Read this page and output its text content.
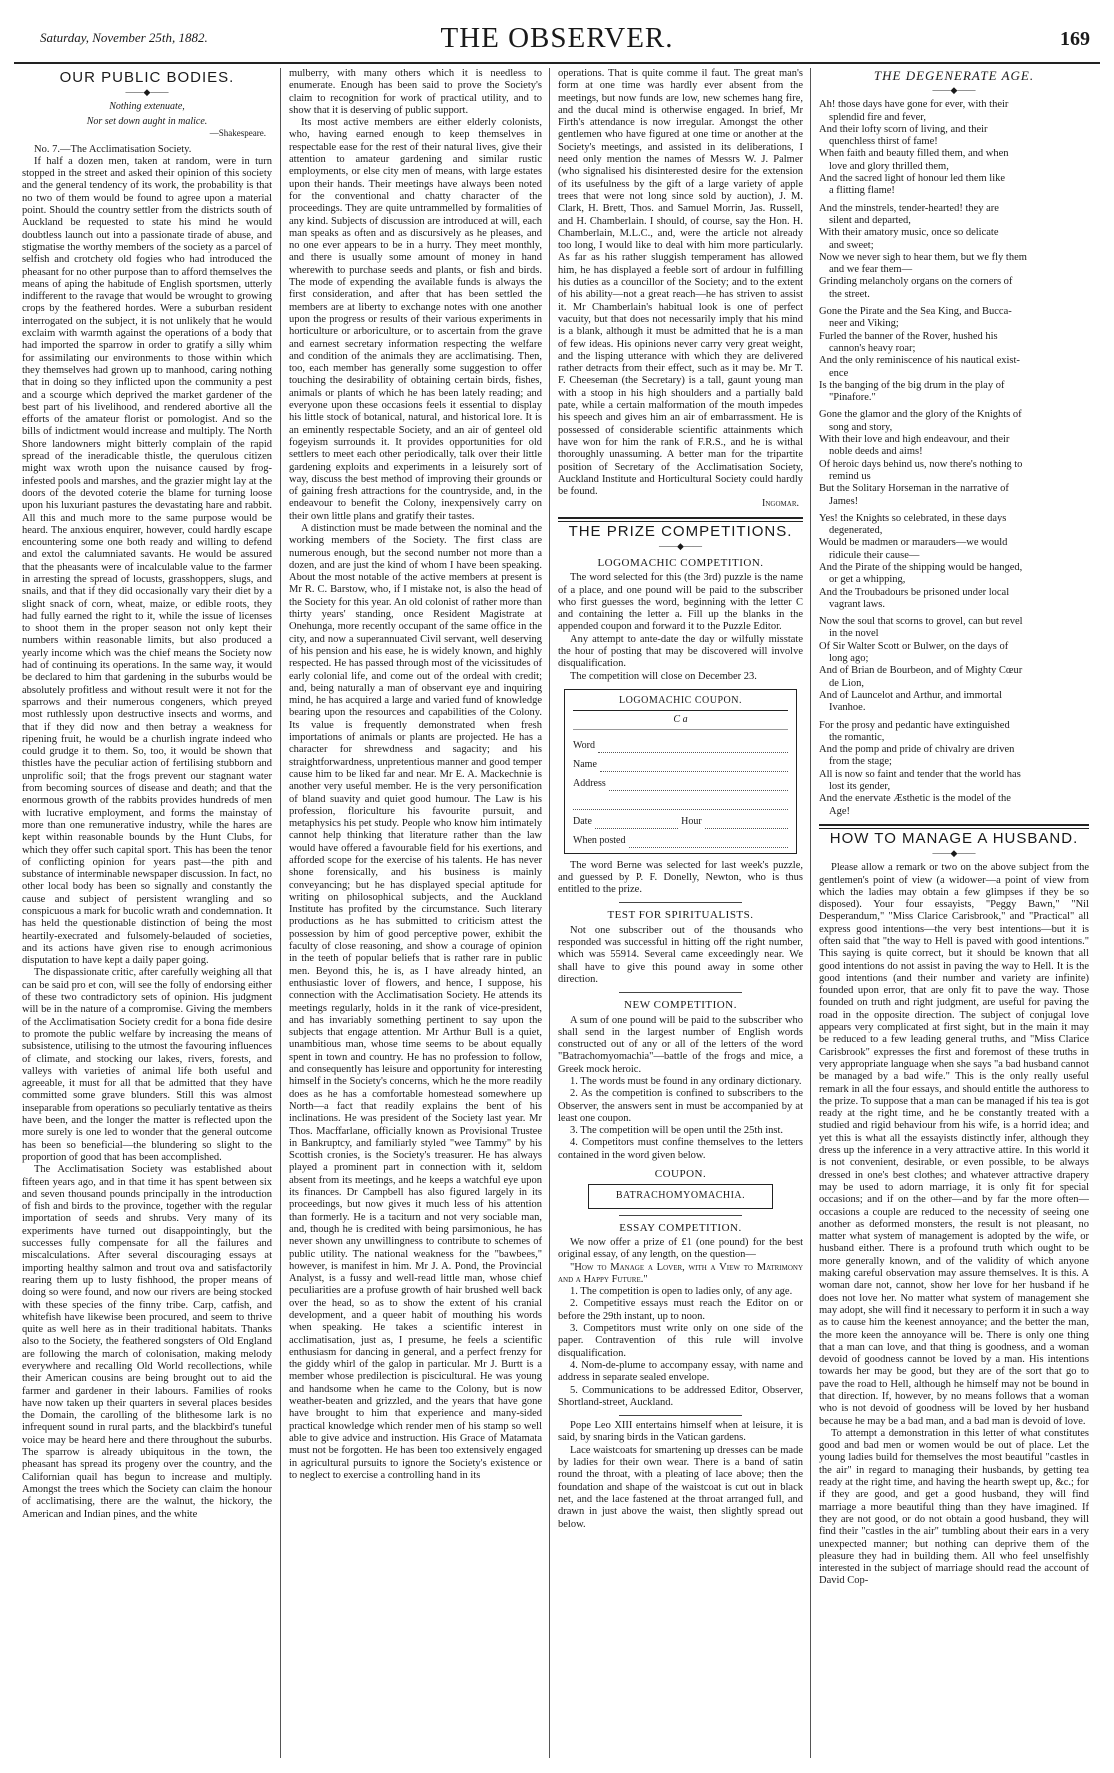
Saturday, November 25th, 1882.	THE OBSERVER.	169
OUR PUBLIC BODIES.
——◆——
Nothing extenuate,
Nor set down aught in malice.
—Shakespeare.

No. 7.—The Acclimatisation Society.

If half a dozen men, taken at random, were in turn stopped in the street and asked their opinion of this society and the general tendency of its work, the probability is that no two of them would be found to agree upon a material point. Should the country settler from the districts south of Auckland be requested to state his mind he would doubtless launch out into a passionate tirade of abuse, and stigmatise the worthy members of the society as a parcel of selfish and crotchety old fogies who had introduced the pheasant for no other purpose than to afford themselves the means of aping the habitude of English sportsmen, utterly indifferent to the ravage that would be wrought to growing crops by the feathered hordes. Were a suburban resident interrogated on the subject, it is not unlikely that he would exclaim with warmth against the operations of a body that had imported the sparrow in order to gratify a silly whim for assimilating our environments to those within which they themselves had grown up to manhood, caring nothing that in doing so they inflicted upon the community a pest and a scourge which deprived the market gardener of the best part of his livelihood, and rendered abortive all the efforts of the amateur florist or pomologist. And so the bills of indictment would increase and multiply. The North Shore landowners might bitterly complain of the rapid spread of the ineradicable thistle, the querulous citizen might wax wroth upon the nuisance caused by frog-infested pools and marshes, and the grazier might lay at the doors of the devoted coterie the blame for turning loose upon his luxuriant pastures the devastating hare and rabbit. All this and much more to the same purpose would be heard. The anxious enquirer, however, could hardly escape encountering some one both ready and willing to defend and extol the calumniated savants. He would be assured that the pheasants were of incalculable value to the farmer in arresting the spread of locusts, grasshoppers, slugs, and snails, and that if they did occasionally vary their diet by a slight snack of corn, wheat, maize, or edible roots, they had fully earned the right to it, while the issue of licenses to shoot them in the proper season not only kept their numbers within reasonable limits, but also produced a yearly income which was the chief means the Society now had of continuing its operations. In the same way, it would be declared to him that gardening in the suburbs would be absolutely profitless and without result were it not for the sparrows and their numerous congeners, which preyed most ruthlessly upon destructive insects and worms, and that if they did now and then betray a weakness for ripening fruit, he would be a churlish ingrate indeed who could grudge it to them. So, too, it would be shown that thistles have the peculiar action of fertilising stubborn and unprolific soil; that the frogs prevent our stagnant water from becoming sources of disease and death; and that the enormous growth of the rabbits provides hundreds of men with lucrative employment, and forms the mainstay of more than one remunerative industry, while the hares are kept within reasonable bounds by the Hunt Clubs, for which they offer such capital sport. This has been the tenor of conflicting opinion for years past—the pith and substance of interminable newspaper discussion. In fact, no other local body has been so signally and constantly the cause and subject of persistent wrangling and so conspicuous a mark for bucolic wrath and condemnation. It has held the questionable distinction of being the most heartily-execrated and fulsomely-belauded of societies, and its actions have given rise to enough acrimonious disputation to have kept a daily paper going.

The dispassionate critic, after carefully weighing all that can be said pro et con, will see the folly of endorsing either of these two contradictory sets of opinion. His judgment will be in the nature of a compromise. Giving the members of the Acclimatisation Society credit for a bona fide desire to promote the public welfare by increasing the means of subsistence, utilising to the utmost the favouring influences of climate, and stocking our lakes, rivers, forests, and valleys with varieties of animal life both useful and agreeable, it must for all that be admitted that they have committed some grave blunders. Still this was almost inseparable from operations so peculiarly tentative as theirs have been, and the longer the matter is reflected upon the more surely is one led to wonder that the general outcome has been so beneficial—the blundering so slight to the proportion of good that has been accomplished.

The Acclimatisation Society was established about fifteen years ago, and in that time it has spent between six and seven thousand pounds principally in the introduction of fish and birds to the province, together with the regular importation of seeds and shrubs. Very many of its experiments have turned out disappointingly, but the successes fully compensate for all the failures and miscalculations. After several discouraging essays at importing healthy salmon and trout ova and satisfactorily rearing them up to lusty fishhood, the proper means of doing so were found, and now our rivers are being stocked with these species of the finny tribe. Carp, catfish, and whitefish have likewise been procured, and seem to thrive quite as well here as in their traditional habitats. Thanks also to the Society, the feathered songsters of Old England are following the march of colonisation, making melody everywhere and recalling Old World recollections, while their American cousins are being brought out to aid the farmer and gardener in their labours. Families of rooks have now taken up their quarters in several places besides the Domain, the carolling of the blithesome lark is no infrequent sound in rural parts, and the blackbird's tuneful voice may be heard here and there throughout the suburbs. The sparrow is already ubiquitous in the town, the pheasant has spread its progeny over the country, and the Californian quail has begun to increase and multiply. Amongst the trees which the Society can claim the honour of acclimatising, there are the walnut, the hickory, the American and Indian pines, and the white

mulberry, with many others which it is needless to enumerate. Enough has been said to prove the Society's claim to recognition for work of practical utility, and to show that it is deserving of public support.

Its most active members are either elderly colonists, who, having earned enough to keep themselves in respectable ease for the rest of their natural lives, give their attention to amateur gardening and similar rustic employments, or else city men of means, with large estates upon their hands. Their meetings have always been noted for the conventional and chatty character of the proceedings. They are quite untrammelled by formalities of any kind. Subjects of discussion are introduced at will, each man speaks as often and as discursively as he pleases, and no one ever appears to be in a hurry. They meet monthly, and there is usually some amount of money in hand wherewith to purchase seeds and plants, or fish and birds. The mode of expending the available funds is always the first consideration, and after that has been settled the members are at liberty to exchange notes with one another upon the progress or results of their various experiments in horticulture or arboriculture, or to ascertain from the grave and earnest secretary information respecting the welfare and condition of the animals they are acclimatising. Then, too, each member has generally some suggestion to offer touching the desirability of obtaining certain birds, fishes, animals or plants of which he has been lately reading; and everyone upon these occasions feels it essential to display his little stock of botanical, natural, and historical lore. It is an eminently respectable Society, and an air of genteel old fogeyism surrounds it. It provides opportunities for old settlers to meet each other periodically, talk over their little gardening exploits and experiments in a leisurely sort of way, discuss the best method of improving their grounds or of gaining fresh attractions for the countryside, and, in the endeavour to benefit the Colony, inexpensively carry on their own little plans and gratify their tastes.

A distinction must be made between the nominal and the working members of the Society. The first class are numerous enough, but the second number not more than a dozen, and are just the kind of whom I have been speaking. About the most notable of the active members at present is Mr R. C. Barstow, who, if I mistake not, is also the head of the Society for this year. An old colonist of rather more than thirty years' standing, once Resident Magistrate at Onehunga, more recently occupant of the same office in the city, and now a superannuated Civil servant, well deserving of his pension and his ease, he is widely known, and highly respected. He has passed through most of the vicissitudes of early colonial life, and come out of the ordeal with credit; and, being naturally a man of observant eye and inquiring mind, he has acquired a large and varied fund of knowledge bearing upon the resources and capabilities of the Colony. Its value is frequently demonstrated when fresh importations of animals or plants are projected. He has a character for shrewdness and sagacity; and his straightforwardness, unpretentious manner and good temper cause him to be liked far and near. Mr E. A. Mackechnie is another very useful member. He is the very personification of bland suavity and quiet good humour. The Law is his profession, floriculture his favourite pursuit, and metaphysics his pet study. People who know him intimately cannot help thinking that literature rather than the law would have offered a favourable field for his exertions, and afforded scope for the exercise of his talents. He has never shone forensically, and his business is mainly conveyancing; but he has displayed special aptitude for writing on philosophical subjects, and the Auckland Institute has profited by the circumstance. Such literary productions as he has submitted to criticism attest the possession by him of good perceptive power, exhibit the faculty of close reasoning, and show a courage of opinion in the teeth of popular beliefs that is rather rare in public men. Beyond this, he is, as I have already hinted, an enthusiastic lover of flowers, and hence, I suppose, his connection with the Acclimatisation Society. He attends its meetings regularly, holds in it the rank of vice-president, and has invariably something pertinent to say upon the subjects that engage attention. Mr Arthur Bull is a quiet, unambitious man, whose time seems to be about equally spent in town and country. He has no profession to follow, and consequently has leisure and opportunity for interesting himself in the Society's concerns, which he the more readily does as he has a comfortable homestead somewhere up North—a fact that readily explains the bent of his inclinations. He was president of the Society last year. Mr Thos. Macffarlane, officially known as Provisional Trustee in Bankruptcy, and familiarly styled "wee Tammy" by his Scottish cronies, is the Society's treasurer. He has always played a prominent part in connection with it, seldom absent from its meetings, and he keeps a watchful eye upon its finances. Dr Campbell has also figured largely in its proceedings, but now gives it much less of his attention than formerly. He is a taciturn and not very sociable man, and, though he is credited with being parsimonious, he has never shown any unwillingness to contribute to schemes of public utility. The national weakness for the "bawbees," however, is manifest in him. Mr J. A. Pond, the Provincial Analyst, is a fussy and well-read little man, whose chief peculiarities are a profuse growth of hair brushed well back over the head, so as to show the extent of his cranial development, and a queer habit of mouthing his words when speaking. He takes a scientific interest in acclimatisation, just as, I presume, he feels a scientific enthusiasm for dancing in general, and a perfect frenzy for the giddy whirl of the galop in particular. Mr J. Burtt is a member whose predilection is piscicultural. He was young and handsome when he came to the Colony, but is now weather-beaten and grizzled, and the years that have gone have brought to him that experience and many-sided practical knowledge which render men of his stamp so well able to give advice and instruction. His Grace of Matamata must not be forgotten. He has been too extensively engaged in agricultural pursuits to ignore the Society's existence or to neglect to exercise a controlling hand in its

operations. That is quite comme il faut. The great man's form at one time was hardly ever absent from the meetings, but now funds are low, new schemes hang fire, and the ducal mind is otherwise engaged. In brief, Mr Firth's attendance is now irregular. Amongst the other gentlemen who have figured at one time or another at the Society's meetings, and assisted in its deliberations, I need only mention the names of Messrs W. J. Palmer (who signalised his disinterested desire for the extension of its usefulness by the gift of a large variety of apple trees that were not long since sold by auction), J. M. Clark, H. Brett, Thos. and Samuel Morrin, Jas. Russell, and H. Chamberlain. I should, of course, say the Hon. H. Chamberlain, M.L.C., and, were the article not already too long, I would like to deal with him more particularly. As far as his rather sluggish temperament has allowed him, he has displayed a feeble sort of ardour in fulfilling his duties as a councillor of the Society; and to the extent of his ability—not a great reach—he has striven to assist it. Mr Chamberlain's habitual look is one of perfect vacuity, but that does not necessarily imply that his mind is a blank, although it must be admitted that he is a man of few ideas. His opinions never carry very great weight, and the lisping utterance with which they are delivered rather detracts from their effect, such as it may be. Mr T. F. Cheeseman (the Secretary) is a tall, gaunt young man with a stoop in his high shoulders and a partially bald pate, while a certain malformation of the mouth impedes his speech and gives him an air of embarrassment. He is possessed of considerable scientific attainments which have won for him the rank of F.R.S., and he is withal thoroughly unassuming. A better man for the tripartite position of Secretary of the Acclimatisation Society, Auckland Institute and Horticultural Society could hardly be found.

Ingomar.
THE PRIZE COMPETITIONS.
——◆——
LOGOMACHIC COMPETITION.

The word selected for this (the 3rd) puzzle is the name of a place, and one pound will be paid to the subscriber who first guesses the word, beginning with the letter C and containing the letter a. Fill up the blanks in the appended coupon and forward it to the Puzzle Editor.

Any attempt to ante-date the day or wilfully misstate the hour of posting that may be discovered will involve disqualification.

The competition will close on December 23.

LOGOMACHIC COUPON.
C a
Word
Name
Address
Date	Hour
When posted

The word Berne was selected for last week's puzzle, and guessed by P. F. Donelly, Newton, who is thus entitled to the prize.

TEST FOR SPIRITUALISTS.

Not one subscriber out of the thousands who responded was successful in hitting off the right number, which was 55914. Several came exceedingly near. We shall have to give this pound away in some other direction.

NEW COMPETITION.

A sum of one pound will be paid to the subscriber who shall send in the largest number of English words constructed out of any or all of the letters of the word "Batrachomyomachia"—battle of the frogs and mice, a Greek mock heroic.

1. The words must be found in any ordinary dictionary.

2. As the competition is confined to subscribers to the Observer, the answers sent in must be accompanied by at least one coupon.

3. The competition will be open until the 25th inst.

4. Competitors must confine themselves to the letters contained in the word given below.

COUPON.
BATRACHOMYOMACHIA.
ESSAY COMPETITION.

We now offer a prize of £1 (one pound) for the best original essay, of any length, on the question—

"How to Manage a Lover, with a View to Matrimony and a Happy Future."

1. The competition is open to ladies only, of any age.

2. Competitive essays must reach the Editor on or before the 29th instant, up to noon.

3. Competitors must write only on one side of the paper. Contravention of this rule will involve disqualification.

4. Nom-de-plume to accompany essay, with name and address in separate sealed envelope.

5. Communications to be addressed Editor, Observer, Shortland-street, Auckland.

Pope Leo XIII entertains himself when at leisure, it is said, by snaring birds in the Vatican gardens.

Lace waistcoats for smartening up dresses can be made by ladies for their own wear. There is a band of satin round the throat, with a pleating of lace above; then the foundation and shape of the waistcoat is cut out in black net, and the lace fastened at the throat arranged full, and drawn in just above the waist, then slightly spread out below.

THE DEGENERATE AGE.
——◆——
Ah! those days have gone for ever, with their
splendid fire and fever,
And their lofty scorn of living, and their
quenchless thirst of fame!
When faith and beauty filled them, and when
love and glory thrilled them,
And the sacred light of honour led them like
a flitting flame!
And the minstrels, tender-hearted! they are
silent and departed,
With their amatory music, once so delicate
and sweet;
Now we never sigh to hear them, but we fly them
and we fear them—
Grinding melancholy organs on the corners of
the street.
Gone the Pirate and the Sea King, and Bucca-
neer and Viking;
Furled the banner of the Rover, hushed his
cannon's heavy roar;
And the only reminiscence of his nautical exist-
ence
Is the banging of the big drum in the play of
"Pinafore."
Gone the glamor and the glory of the Knights of
song and story,
With their love and high endeavour, and their
noble deeds and aims!
Of heroic days behind us, now there's nothing to
remind us
But the Solitary Horseman in the narrative of
James!
Yes! the Knights so celebrated, in these days
degenerated,
Would be madmen or marauders—we would
ridicule their cause—
And the Pirate of the shipping would be hanged,
or get a whipping,
And the Troubadours be prisoned under local
vagrant laws.
Now the soul that scorns to grovel, can but revel
in the novel
Of Sir Walter Scott or Bulwer, on the days of
long ago;
And of Brian de Bourbeon, and of Mighty Cœur
de Lion,
And of Launcelot and Arthur, and immortal
Ivanhoe.
For the prosy and pedantic have extinguished
the romantic,
And the pomp and pride of chivalry are driven
from the stage;
All is now so faint and tender that the world has
lost its gender,
And the enervate Æsthetic is the model of the
Age!
HOW TO MANAGE A HUSBAND.
——◆——

Please allow a remark or two on the above subject from the gentlemen's point of view (a widower—a point of view from which the ladies may obtain a few glimpses if they be so disposed). Your four essayists, "Peggy Bawn," "Nil Desperandum," "Miss Clarice Carisbrook," and "Practical" all express good intentions—the very best intentions—but it is often said that "the way to Hell is paved with good intentions." This saying is quite correct, but it should be known that all good intentions do not assist in paving the way to Hell. It is the good intentions (and their number and variety are infinite) founded upon error, that are only fit to pave the way. Those founded on truth and right judgment, are useful for paving the road in the opposite direction. The subject of conjugal love appears very complicated at first sight, but in the main it may be reduced to a few leading general truths, and "Miss Clarice Carisbrook" expresses the first and foremost of these truths in very appropriate language when she says "a bad husband cannot be managed by a bad wife." This is the only really useful remark in all the four essays, and should entitle the authoress to the prize. To suppose that a man can be managed if his tea is got ready at the right time, and he be constantly treated with a studied and rigid behaviour from his wife, is a horrid idea; and yet this is what all the essayists distinctly infer, although they dress up the inference in a very attractive attire. In this world it is not convenient, desirable, or even possible, to be always dressed in one's best clothes; and whatever attractive drapery may be used to adorn marriage, it is only fit for special occasions; and if on the other—and by far the more often—occasions a couple are reduced to the necessity of seeing one another as deformed monsters, the result is not pleasant, no matter what system of management is adopted by the wife, or husband either. There is a profound truth which ought to be more generally known, and of the validity of which anyone making careful observation may assure themselves. It is this. A woman dare not, cannot, show her love for her husband if he does not love her. No matter what system of management she may adopt, she will find it necessary to perform it in such a way as to cause him the keenest annoyance; and the better the man, the more keen the annoyance will be. There is only one thing that a man can love, and that thing is goodness, and a woman devoid of goodness cannot be loved by a man. His intentions towards her may be good, but they are of the sort that go to pave the road to Hell, although he himself may not be bound in that direction. If, however, by no means follows that a woman who is not devoid of goodness will be loved by her husband because he may be a bad man, and a bad man is devoid of love.

To attempt a demonstration in this letter of what constitutes good and bad men or women would be out of place. Let the young ladies build for themselves the most beautiful "castles in the air" in regard to managing their husbands, by getting tea ready at the right time, and having the hearth swept up, &c.; for if they are good, and get a good husband, they will find marriage a more beautiful thing than they have imagined. If they are not good, or do not obtain a good husband, they will find their "castles in the air" tumbling about their ears in a very unexpected manner; but nothing can deprive them of the pleasure they had in building them. All who feel unselfishly interested in the subject of marriage should read the account of David Cop-
